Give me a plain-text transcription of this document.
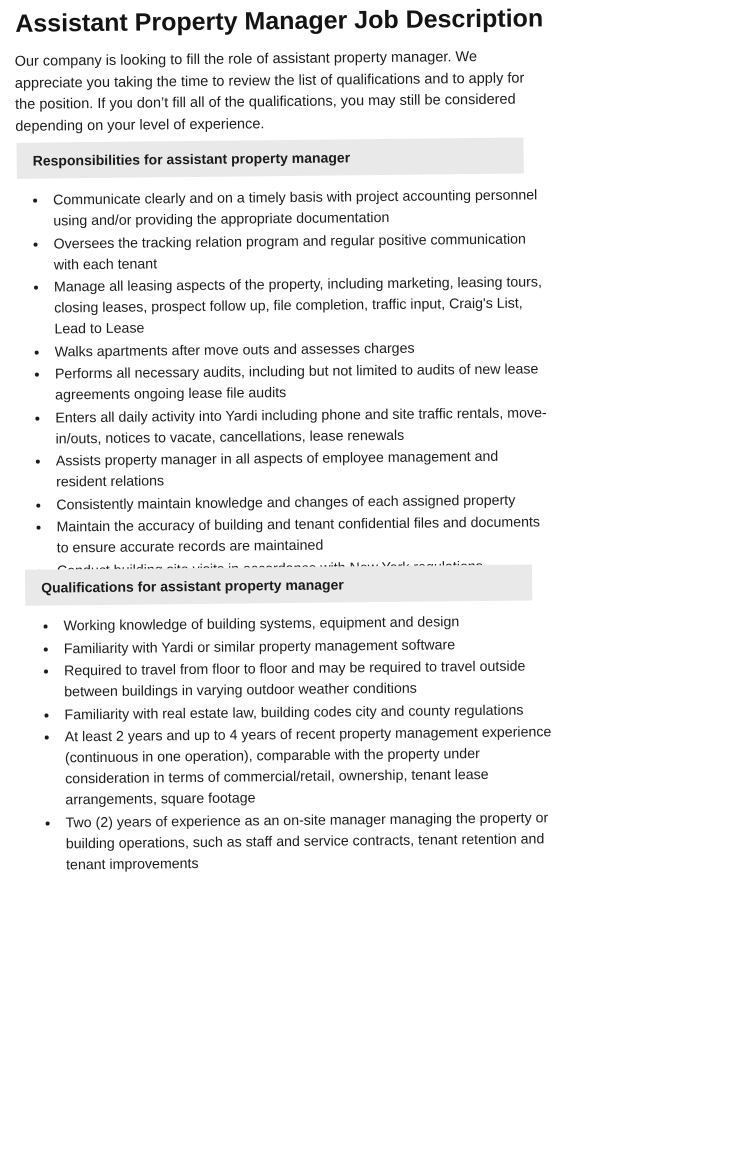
Assistant Property Manager Job Description

Our company is looking to fill the role of assistant property manager. We appreciate you taking the time to review the list of qualifications and to apply for the position. If you don’t fill all of the qualifications, you may still be considered depending on your level of experience.

Responsibilities for assistant property manager
• Communicate clearly and on a timely basis with project accounting personnel using and/or providing the appropriate documentation
• Oversees the tracking relation program and regular positive communication with each tenant
• Manage all leasing aspects of the property, including marketing, leasing tours, closing leases, prospect follow up, file completion, traffic input, Craig's List, Lead to Lease
• Walks apartments after move outs and assesses charges
• Performs all necessary audits, including but not limited to audits of new lease agreements ongoing lease file audits
• Enters all daily activity into Yardi including phone and site traffic rentals, move-in/outs, notices to vacate, cancellations, lease renewals
• Assists property manager in all aspects of employee management and resident relations
• Consistently maintain knowledge and changes of each assigned property
• Maintain the accuracy of building and tenant confidential files and documents to ensure accurate records are maintained
•
Qualifications for assistant property manager
• Working knowledge of building systems, equipment and design
• Familiarity with Yardi or similar property management software
• Required to travel from floor to floor and may be required to travel outside between buildings in varying outdoor weather conditions
• Familiarity with real estate law, building codes city and county regulations
• At least 2 years and up to 4 years of recent property management experience (continuous in one operation), comparable with the property under consideration in terms of commercial/retail, ownership, tenant lease arrangements, square footage
• Two (2) years of experience as an on-site manager managing the property or building operations, such as staff and service contracts, tenant retention and tenant improvements
